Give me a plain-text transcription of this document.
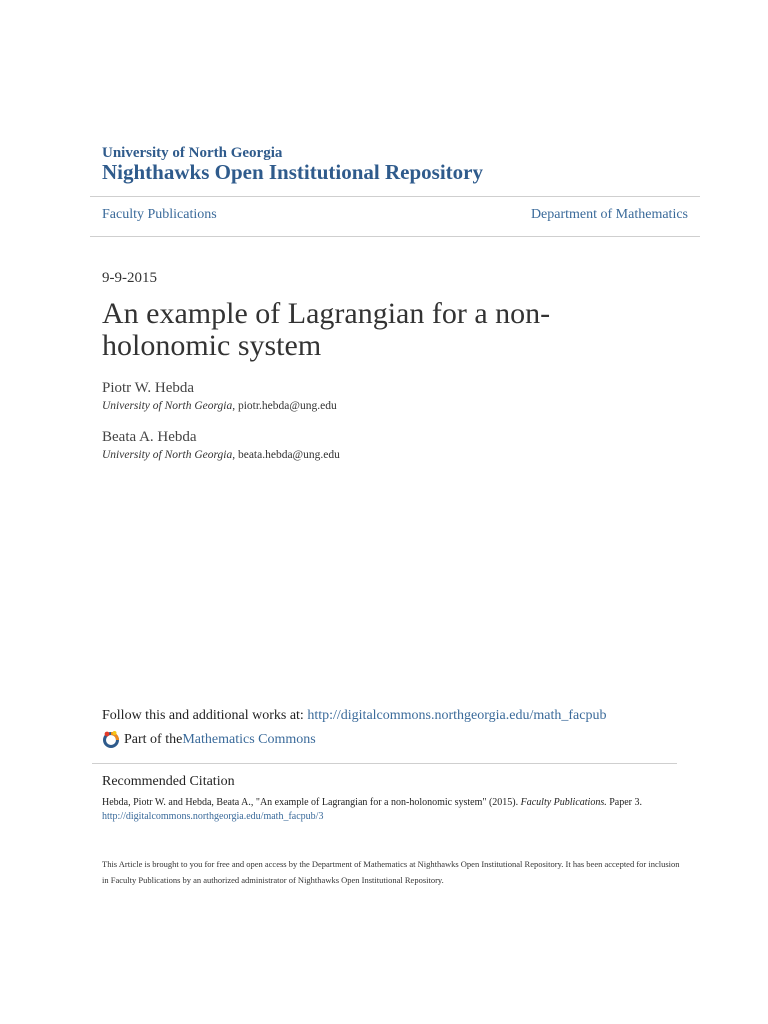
University of North Georgia
Nighthawks Open Institutional Repository
Faculty Publications	Department of Mathematics
9-9-2015
An example of Lagrangian for a non-holonomic system
Piotr W. Hebda
University of North Georgia, piotr.hebda@ung.edu
Beata A. Hebda
University of North Georgia, beata.hebda@ung.edu
Follow this and additional works at: http://digitalcommons.northgeorgia.edu/math_facpub
Part of the Mathematics Commons
Recommended Citation
Hebda, Piotr W. and Hebda, Beata A., "An example of Lagrangian for a non-holonomic system" (2015). Faculty Publications. Paper 3.
http://digitalcommons.northgeorgia.edu/math_facpub/3
This Article is brought to you for free and open access by the Department of Mathematics at Nighthawks Open Institutional Repository. It has been accepted for inclusion in Faculty Publications by an authorized administrator of Nighthawks Open Institutional Repository.
